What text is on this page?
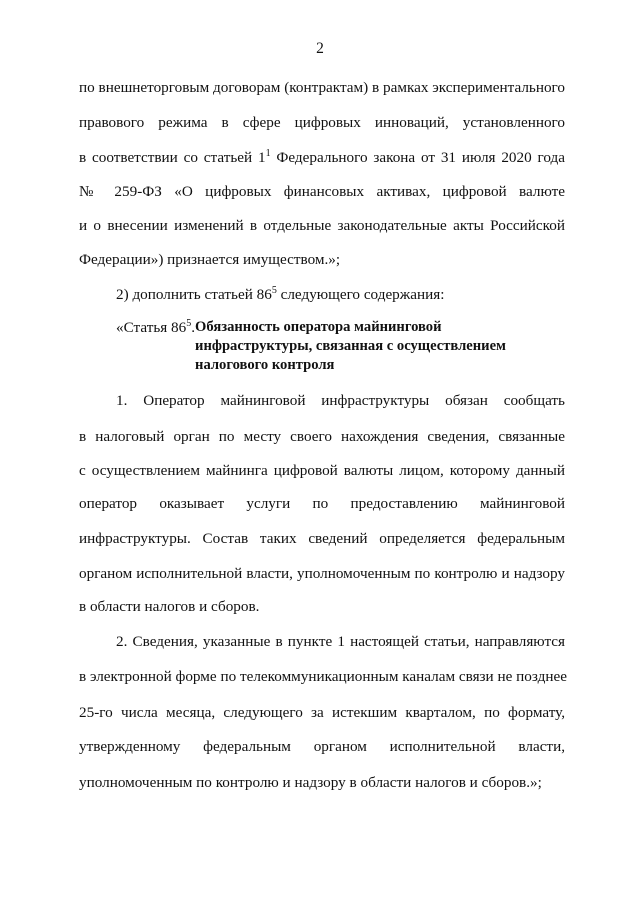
2
по внешнеторговым договорам (контрактам) в рамках экспериментального
правового режима в сфере цифровых инноваций, установленного
в соответствии со статьей $1^1$ Федерального закона от 31 июля 2020 года
№ 259-ФЗ «О цифровых финансовых активах, цифровой валюте
и о внесении изменений в отдельные законодательные акты Российской
Федерации») признается имуществом.»;
2) дополнить статьей $86^5$ следующего содержания:
«Статья $86^5.Обязанность$ оператора майнинговой
инфраструктуры, связанная с осуществлением
налогового контроля
1. Оператор майнинговой инфраструктуры обязан сообщать
в налоговый орган по месту своего нахождения сведения, связанные
с осуществлением майнинга цифровой валюты лицом, которому данный
оператор оказывает услуги по предоставлению майнинговой
инфраструктуры. Состав таких сведений определяется федеральным
органом исполнительной власти, уполномоченным по контролю и надзору
в области налогов и сборов.
2. Сведения, указанные в пункте 1 настоящей статьи, направляются
в электронной форме по телекоммуникационным каналам связи не позднее
25-го числа месяца, следующего за истекшим кварталом, по формату,
утвержденному федеральным органом исполнительной власти,
уполномоченным по контролю и надзору в области налогов и сборов.»;
